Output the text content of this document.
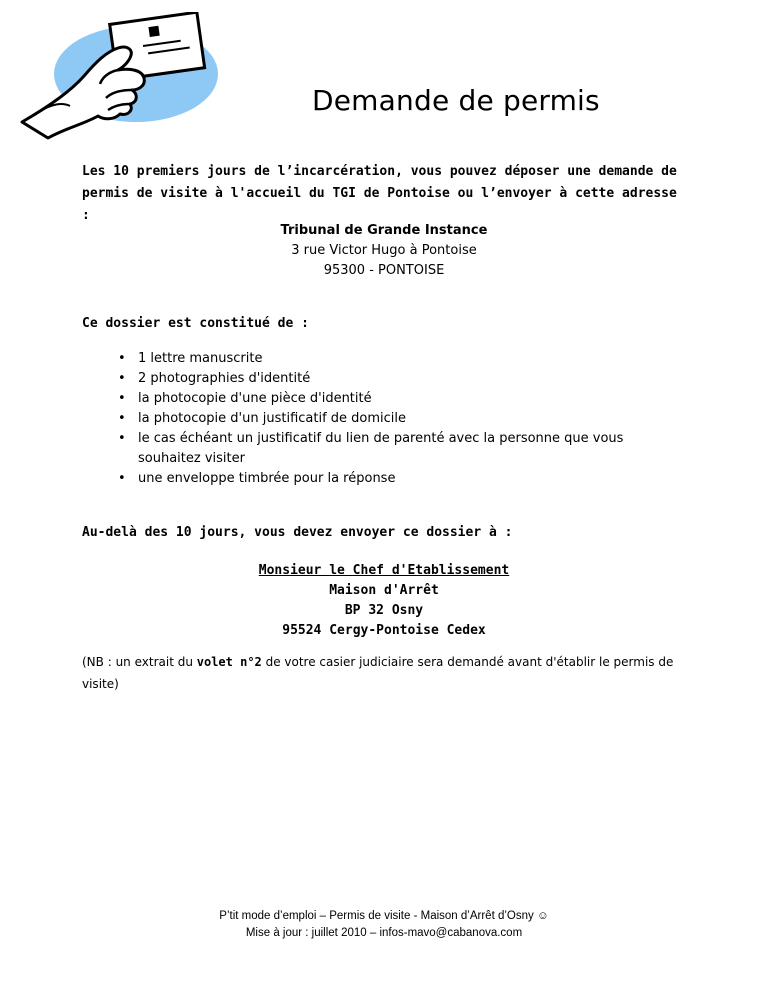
Demande de permis

Les 10 premiers jours de l’incarcération, vous pouvez déposer une demande de permis de visite à l'accueil du TGI de Pontoise ou l’envoyer à cette adresse :

Tribunal de Grande Instance
3 rue Victor Hugo à Pontoise
95300 - PONTOISE

Ce dossier est constitué de :

• 1 lettre manuscrite
• 2 photographies d'identité
• la photocopie d'une pièce d'identité
• la photocopie d'un justificatif de domicile
• le cas échéant un justificatif du lien de parenté avec la personne que vous souhaitez visiter
• une enveloppe timbrée pour la réponse

Au-delà des 10 jours, vous devez envoyer ce dossier à :

Monsieur le Chef d'Etablissement
Maison d'Arrêt
BP 32 Osny
95524 Cergy-Pontoise Cedex

(NB : un extrait du volet n°2 de votre casier judiciaire sera demandé avant d'établir le permis de visite)

P’tit mode d’emploi – Permis de visite - Maison d’Arrêt d’Osny ☺
Mise à jour : juillet 2010 – infos-mavo@cabanova.com
